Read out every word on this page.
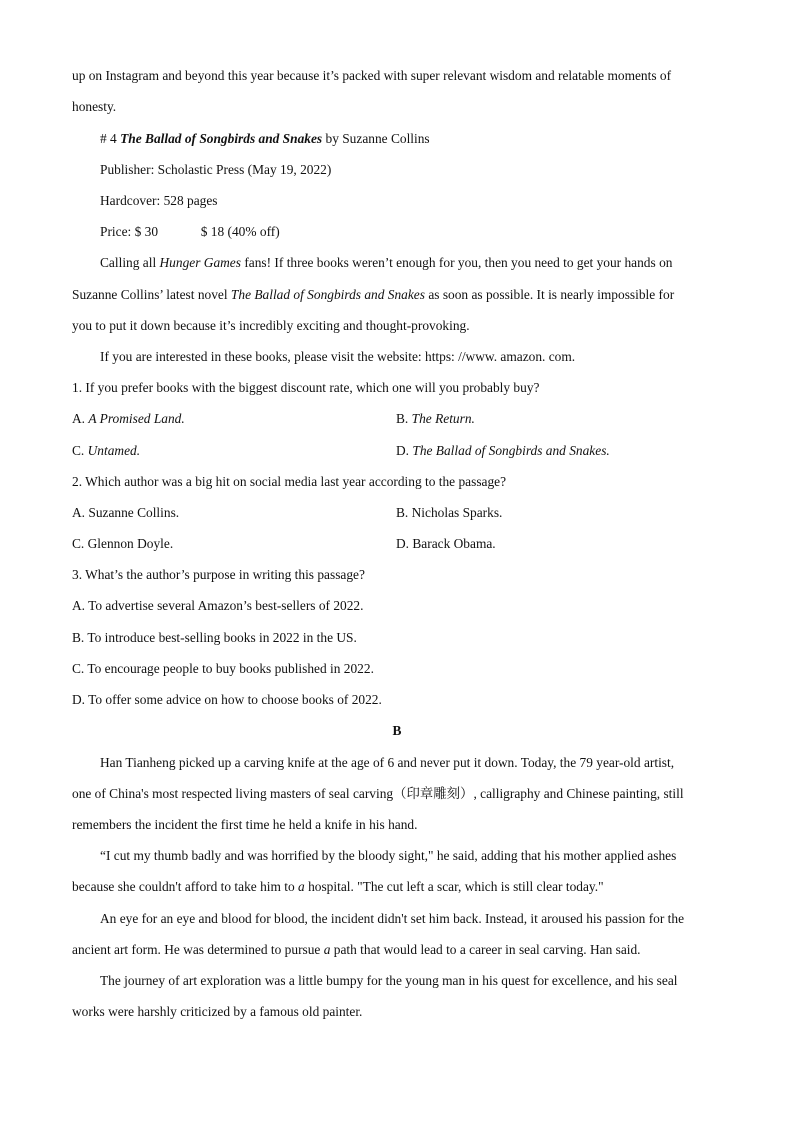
up on Instagram and beyond this year because it’s packed with super relevant wisdom and relatable moments of
honesty.
# 4 The Ballad of Songbirds and Snakes by Suzanne Collins
Publisher: Scholastic Press (May 19, 2022)
Hardcover: 528 pages
Price: $ 30	$ 18 (40% off)
Calling all Hunger Games fans! If three books weren’t enough for you, then you need to get your hands on
Suzanne Collins’ latest novel The Ballad of Songbirds and Snakes as soon as possible. It is nearly impossible for
you to put it down because it’s incredibly exciting and thought-provoking.
If you are interested in these books, please visit the website: https: //www. amazon. com.
1. If you prefer books with the biggest discount rate, which one will you probably buy?
A. A Promised Land.	B. The Return.
C. Untamed.	D. The Ballad of Songbirds and Snakes.
2. Which author was a big hit on social media last year according to the passage?
A. Suzanne Collins.	B. Nicholas Sparks.
C. Glennon Doyle.	D. Barack Obama.
3. What’s the author’s purpose in writing this passage?
A. To advertise several Amazon’s best-sellers of 2022.
B. To introduce best-selling books in 2022 in the US.
C. To encourage people to buy books published in 2022.
D. To offer some advice on how to choose books of 2022.
B
Han Tianheng picked up a carving knife at the age of 6 and never put it down. Today, the 79 year-old artist,
one of China's most respected living masters of seal carving（印章雕刻）, calligraphy and Chinese painting, still
remembers the incident the first time he held a knife in his hand.
“I cut my thumb badly and was horrified by the bloody sight," he said, adding that his mother applied ashes
because she couldn't afford to take him to a hospital. "The cut left a scar, which is still clear today."
An eye for an eye and blood for blood, the incident didn't set him back. Instead, it aroused his passion for the
ancient art form. He was determined to pursue a path that would lead to a career in seal carving. Han said.
The journey of art exploration was a little bumpy for the young man in his quest for excellence, and his seal
works were harshly criticized by a famous old painter.
